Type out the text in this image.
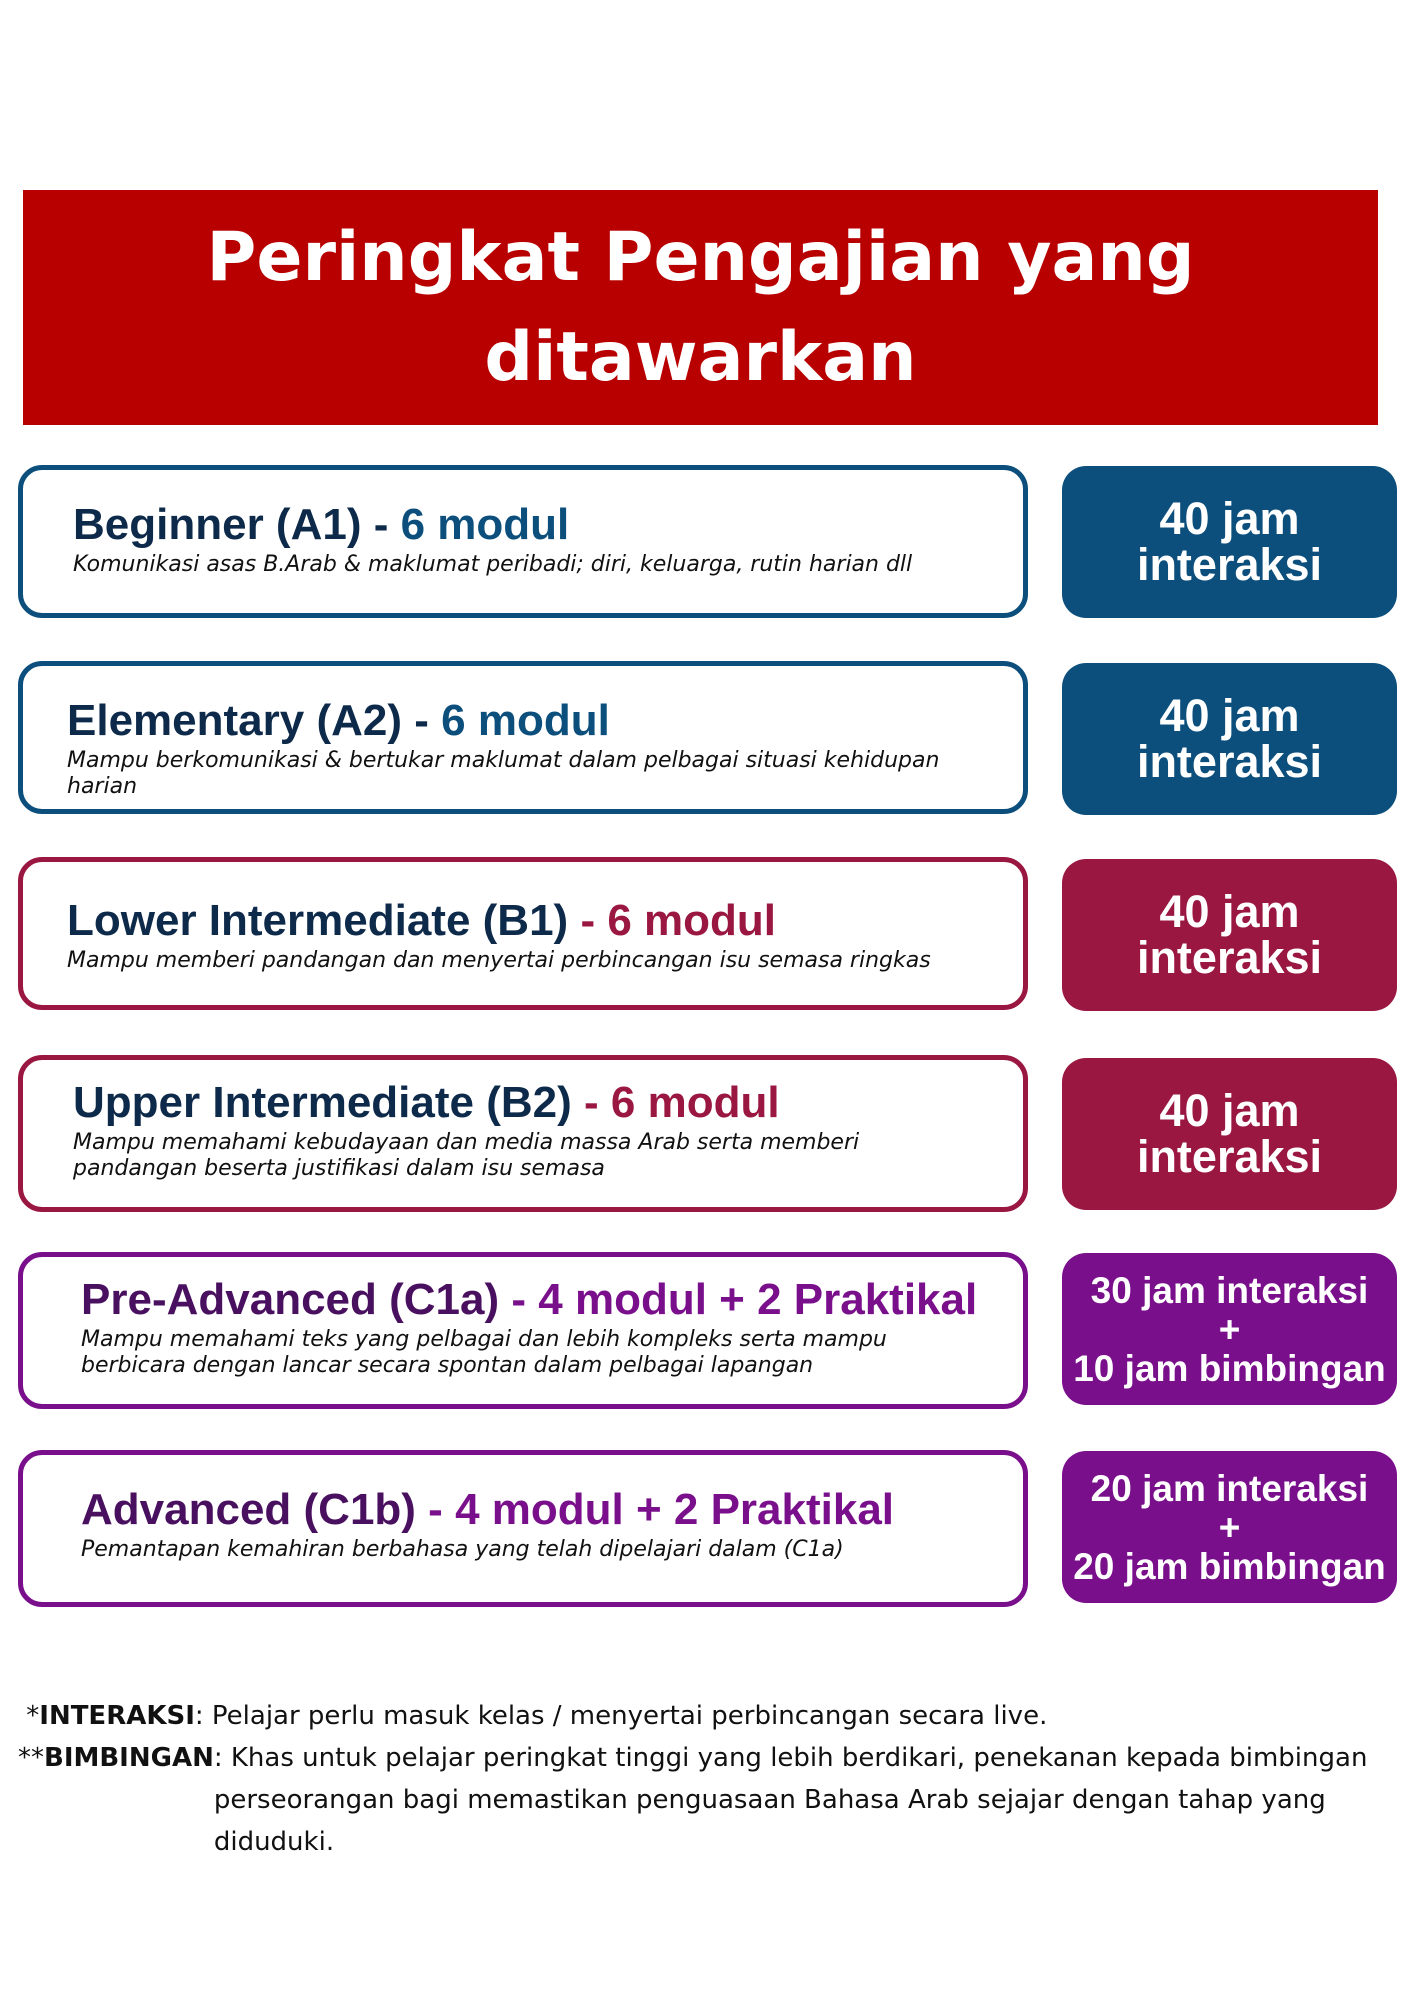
Peringkat Pengajian yang ditawarkan
Beginner (A1) - 6 modul
Komunikasi asas B.Arab & maklumat peribadi; diri, keluarga, rutin harian dll
40 jam
interaksi
Elementary (A2) - 6 modul
Mampu berkomunikasi & bertukar maklumat dalam pelbagai situasi kehidupan harian
40 jam
interaksi
Lower Intermediate (B1) - 6 modul
Mampu memberi pandangan dan menyertai perbincangan isu semasa ringkas
40 jam
interaksi
Upper Intermediate (B2) - 6 modul
Mampu memahami kebudayaan dan media massa Arab serta memberi pandangan beserta justifikasi dalam isu semasa
40 jam
interaksi
Pre-Advanced (C1a) - 4 modul + 2 Praktikal
Mampu memahami teks yang pelbagai dan lebih kompleks serta mampu berbicara dengan lancar secara spontan dalam pelbagai lapangan
30 jam interaksi
+
10 jam bimbingan
Advanced (C1b) - 4 modul + 2 Praktikal
Pemantapan kemahiran berbahasa yang telah dipelajari dalam (C1a)
20 jam interaksi
+
20 jam bimbingan
*INTERAKSI : Pelajar perlu masuk kelas / menyertai perbincangan secara live.
**BIMBINGAN : Khas untuk pelajar peringkat tinggi yang lebih berdikari, penekanan kepada bimbingan perseorangan bagi memastikan penguasaan Bahasa Arab sejajar dengan tahap yang diduduki.
